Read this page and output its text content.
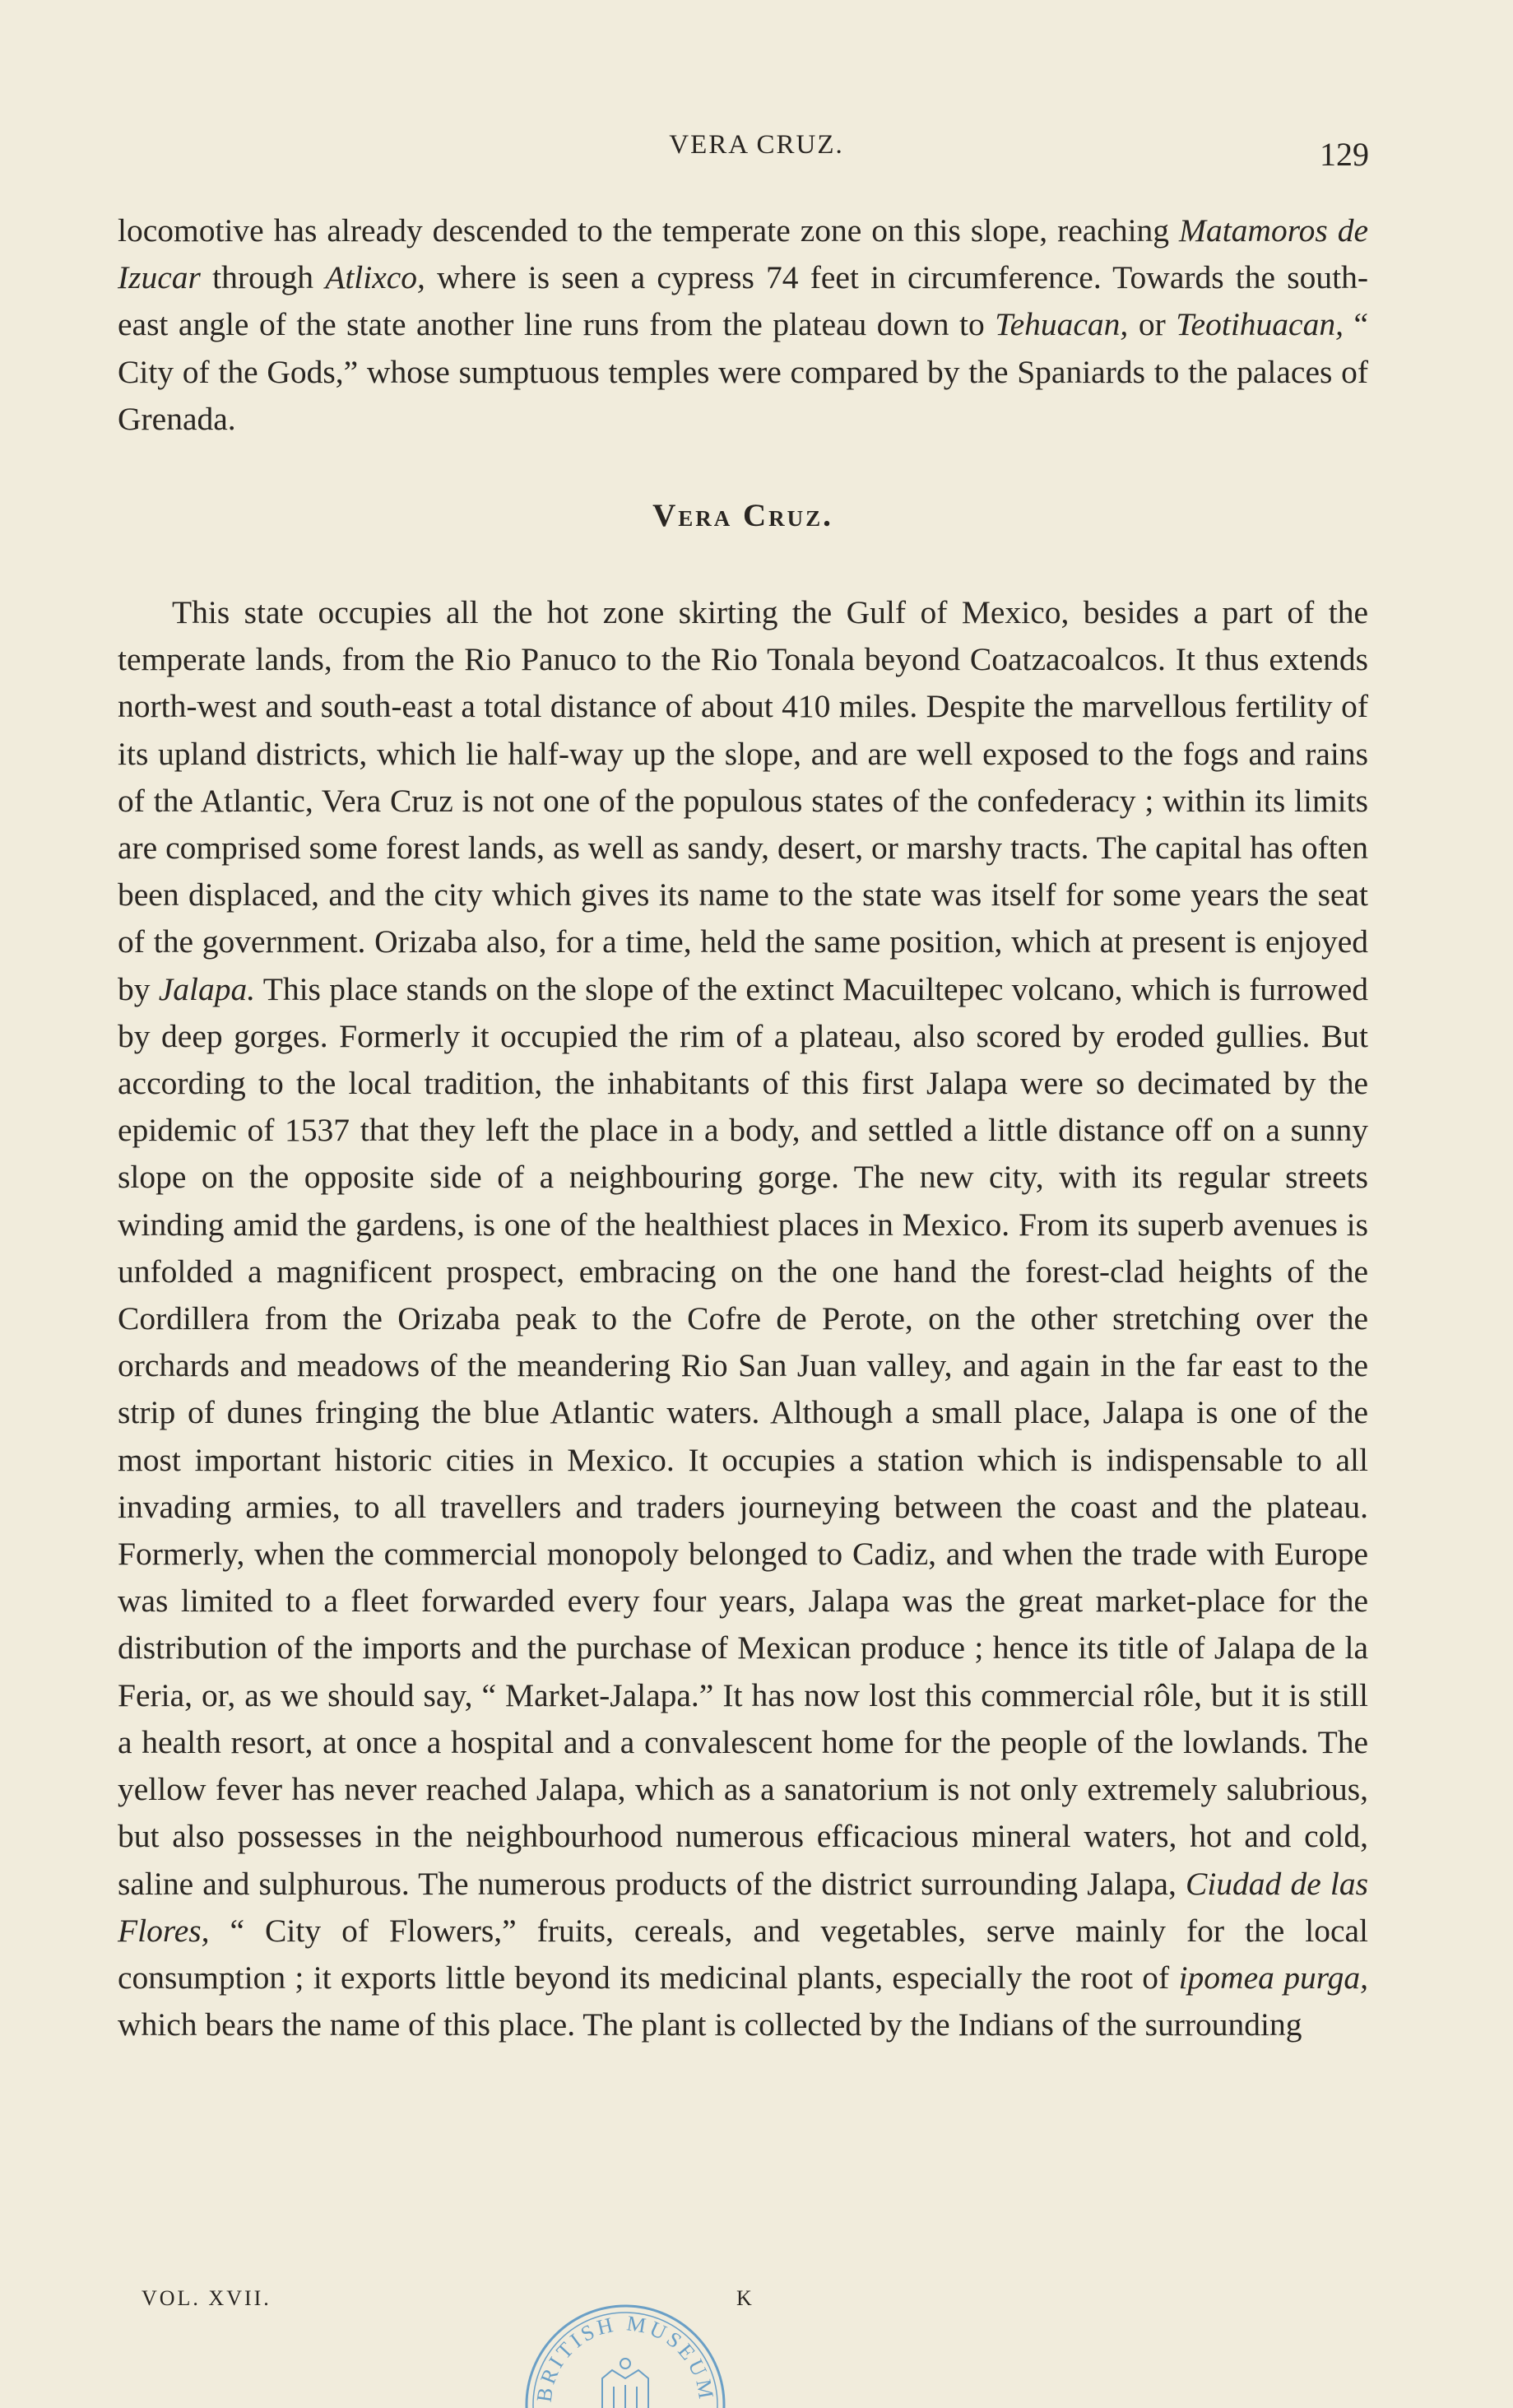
VERA CRUZ.	129

locomotive has already descended to the temperate zone on this slope, reaching Matamoros de Izucar through Atlixco, where is seen a cypress 74 feet in circumference. Towards the south-east angle of the state another line runs from the plateau down to Tehuacan, or Teotihuacan, “ City of the Gods,” whose sumptuous temples were compared by the Spaniards to the palaces of Grenada.

Vera Cruz.

This state occupies all the hot zone skirting the Gulf of Mexico, besides a part of the temperate lands, from the Rio Panuco to the Rio Tonala beyond Coatzacoalcos. It thus extends north-west and south-east a total distance of about 410 miles. Despite the marvellous fertility of its upland districts, which lie half-way up the slope, and are well exposed to the fogs and rains of the Atlantic, Vera Cruz is not one of the populous states of the confederacy ; within its limits are comprised some forest lands, as well as sandy, desert, or marshy tracts. The capital has often been displaced, and the city which gives its name to the state was itself for some years the seat of the government. Orizaba also, for a time, held the same position, which at present is enjoyed by Jalapa. This place stands on the slope of the extinct Macuiltepec volcano, which is furrowed by deep gorges. Formerly it occupied the rim of a plateau, also scored by eroded gullies. But according to the local tradition, the inhabitants of this first Jalapa were so decimated by the epidemic of 1537 that they left the place in a body, and settled a little distance off on a sunny slope on the opposite side of a neighbouring gorge. The new city, with its regular streets winding amid the gardens, is one of the healthiest places in Mexico. From its superb avenues is unfolded a magnificent prospect, embracing on the one hand the forest-clad heights of the Cordillera from the Orizaba peak to the Cofre de Perote, on the other stretching over the orchards and meadows of the meandering Rio San Juan valley, and again in the far east to the strip of dunes fringing the blue Atlantic waters. Although a small place, Jalapa is one of the most important historic cities in Mexico. It occupies a station which is indispensable to all invading armies, to all travellers and traders journeying between the coast and the plateau. Formerly, when the commercial monopoly belonged to Cadiz, and when the trade with Europe was limited to a fleet forwarded every four years, Jalapa was the great market-place for the distribution of the imports and the purchase of Mexican produce ; hence its title of Jalapa de la Feria, or, as we should say, “ Market-Jalapa.” It has now lost this commercial rôle, but it is still a health resort, at once a hospital and a convalescent home for the people of the lowlands. The yellow fever has never reached Jalapa, which as a sanatorium is not only extremely salubrious, but also possesses in the neighbourhood numerous efficacious mineral waters, hot and cold, saline and sulphurous. The numerous products of the district surrounding Jalapa, Ciudad de las Flores, “ City of Flowers,” fruits, cereals, and vegetables, serve mainly for the local consumption ; it exports little beyond its medicinal plants, especially the root of ipomea purga, which bears the name of this place. The plant is collected by the Indians of the surrounding

VOL. XVII.	K
BRITISH MUSEUM
